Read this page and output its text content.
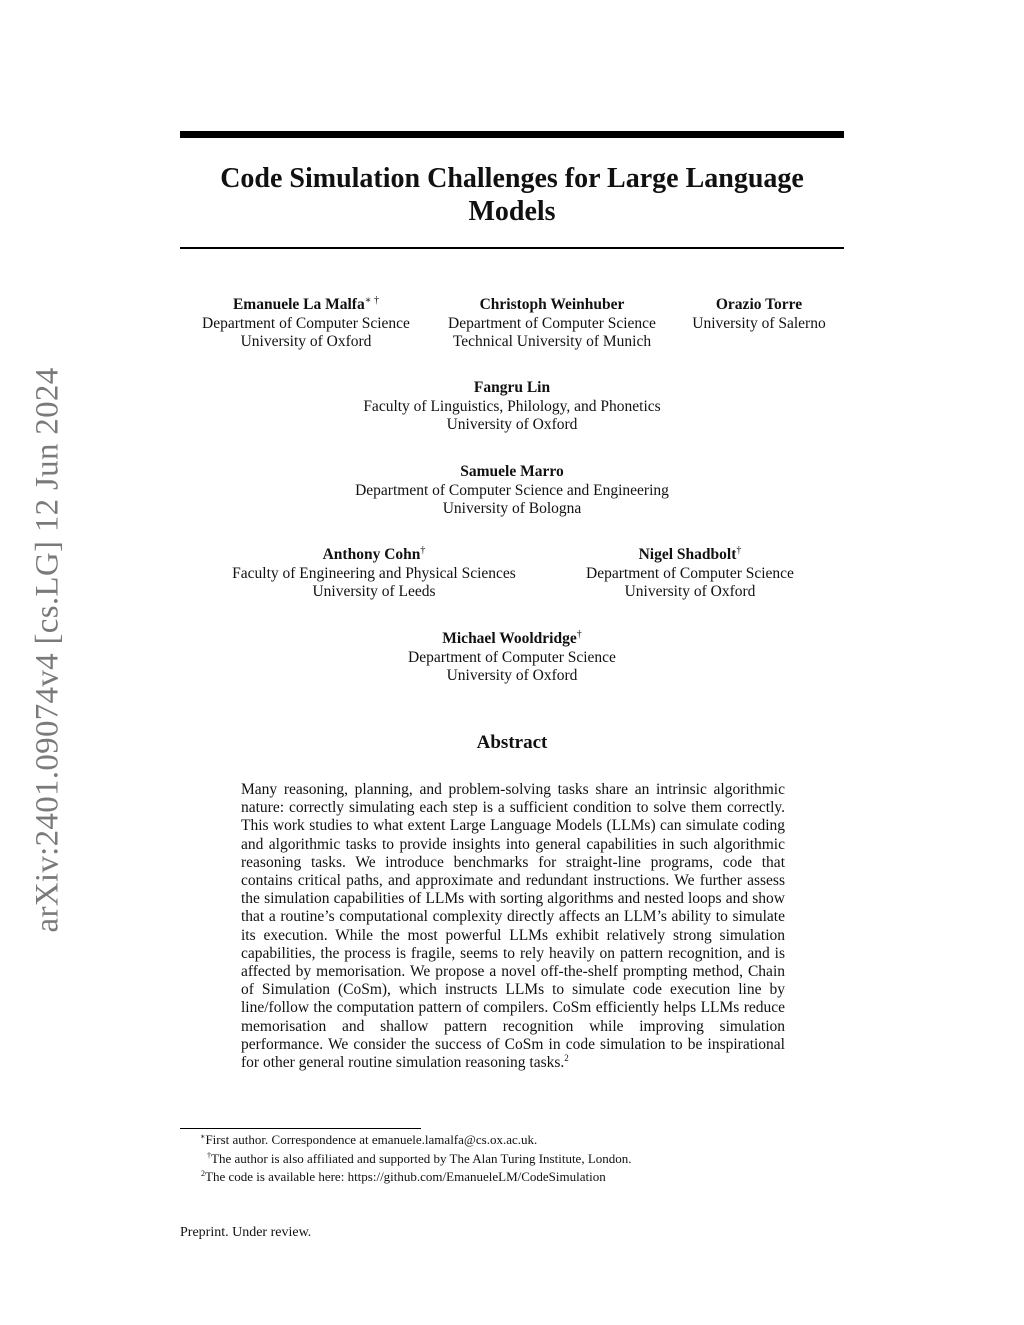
arXiv:2401.09074v4 [cs.LG] 12 Jun 2024
Code Simulation Challenges for Large Language Models
Emanuele La Malfa∗ †
Department of Computer Science
University of Oxford
Christoph Weinhuber
Department of Computer Science
Technical University of Munich
Orazio Torre
University of Salerno
Fangru Lin
Faculty of Linguistics, Philology, and Phonetics
University of Oxford
Samuele Marro
Department of Computer Science and Engineering
University of Bologna
Anthony Cohn†
Faculty of Engineering and Physical Sciences
University of Leeds
Nigel Shadbolt†
Department of Computer Science
University of Oxford
Michael Wooldridge†
Department of Computer Science
University of Oxford
Abstract

Many reasoning, planning, and problem-solving tasks share an intrinsic algorithmic nature: correctly simulating each step is a sufficient condition to solve them correctly. This work studies to what extent Large Language Models (LLMs) can simulate coding and algorithmic tasks to provide insights into general capabilities in such algorithmic reasoning tasks. We introduce benchmarks for straight-line programs, code that contains critical paths, and approximate and redundant instructions. We further assess the simulation capabilities of LLMs with sorting algorithms and nested loops and show that a routine’s computational complexity directly affects an LLM’s ability to simulate its execution. While the most powerful LLMs exhibit relatively strong simulation capabilities, the process is fragile, seems to rely heavily on pattern recognition, and is affected by memorisation. We propose a novel off-the-shelf prompting method, Chain of Simulation (CoSm), which instructs LLMs to simulate code execution line by line/follow the computation pattern of compilers. CoSm efficiently helps LLMs reduce memorisation and shallow pattern recognition while improving simulation performance. We consider the success of CoSm in code simulation to be inspirational for other general routine simulation reasoning tasks.$^2$

∗First author. Correspondence at emanuele.lamalfa@cs.ox.ac.uk.
†The author is also affiliated and supported by The Alan Turing Institute, London.
$^2$The code is available here: https://github.com/EmanueleLM/CodeSimulation
Preprint. Under review.
